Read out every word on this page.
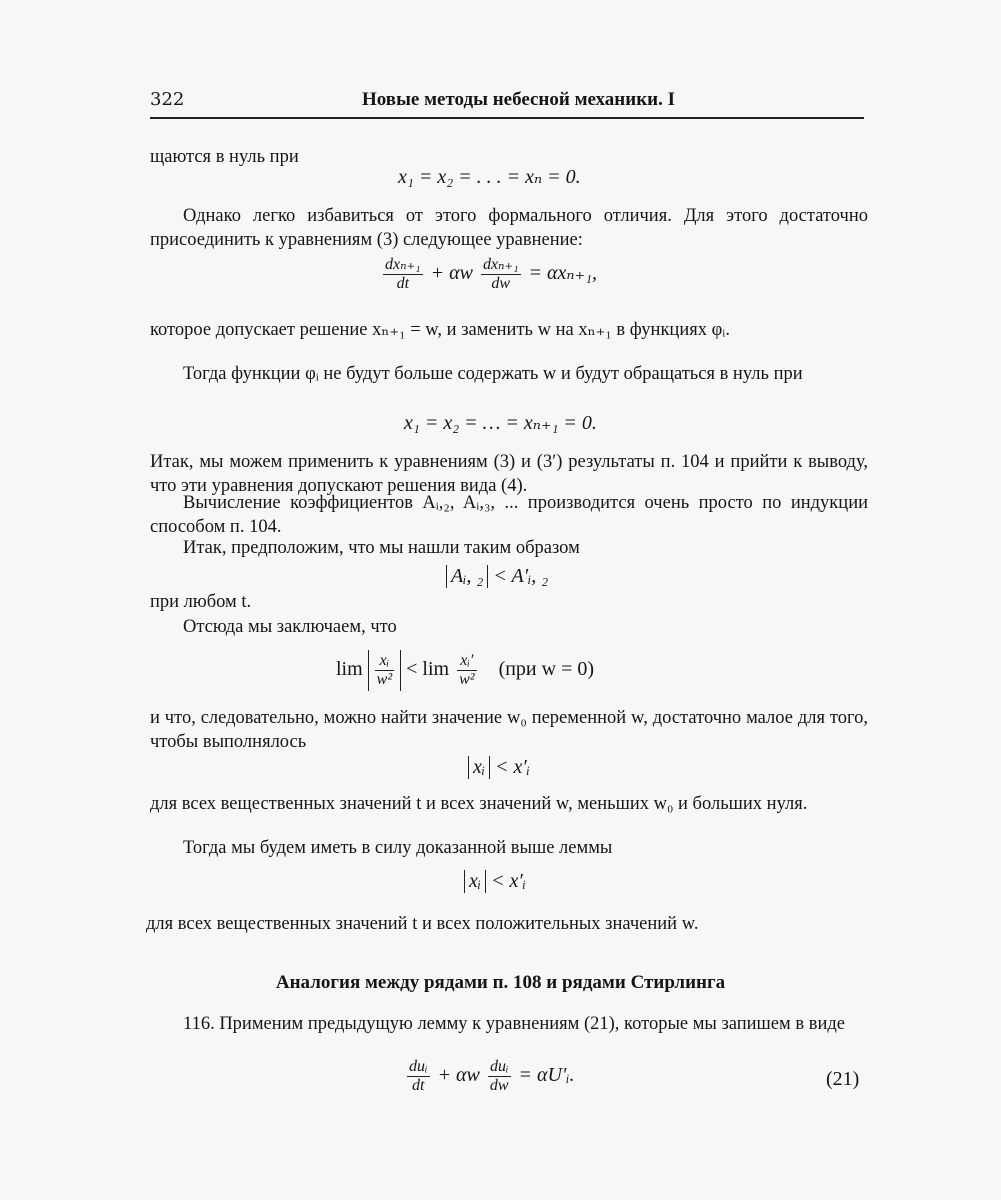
322	Новые методы небесной механики. I
щаются в нуль при
x₁ = x₂ = . . . = xₙ = 0.
Однако легко избавиться от этого формального отличия. Для этого достаточно присоединить к уравнениям (3) следующее уравнение:
$\frac{\text{dxₙ₊₁}}{dt} + \alpha w \frac{\text{dxₙ₊₁}}{dw} = \alpha x_{n+1}$,
которое допускает решение xₙ₊₁ = w, и заменить w на xₙ₊₁ в функциях φᵢ.
Тогда функции φᵢ не будут больше содержать w и будут обращаться в нуль при
x₁ = x₂ = … = xₙ₊₁ = 0.
Итак, мы можем применить к уравнениям (3) и (3′) результаты п. 104 и прийти к выводу, что эти уравнения допускают решения вида (4).
Вычисление коэффициентов Aᵢ,₂, Aᵢ,₃, ... производится очень просто по индукции способом п. 104.
Итак, предположим, что мы нашли таким образом
Aᵢ, ₂ < A′ᵢ, ₂
при любом t.
Отсюда мы заключаем, что
$\lim \frac{\text{xᵢ}}{\text{w²}} < \lim \frac{\text{xᵢ′}}{\text{w²}} (при$ w = 0)
и что, следовательно, можно найти значение w₀ переменной w, достаточно малое для того, чтобы выполнялось
xᵢ < x′ᵢ
для всех вещественных значений t и всех значений w, меньших w₀ и больших нуля.
Тогда мы будем иметь в силу доказанной выше леммы
xᵢ < x′ᵢ
для всех вещественных значений t и всех положительных значений w.
Аналогия между рядами п. 108 и рядами Стирлинга
116. Применим предыдущую лемму к уравнениям (21), которые мы запишем в виде
$\frac{\text{duᵢ}}{dt} + \alpha w \frac{\text{duᵢ}}{dw}$ = αU′ᵢ.	(21)
